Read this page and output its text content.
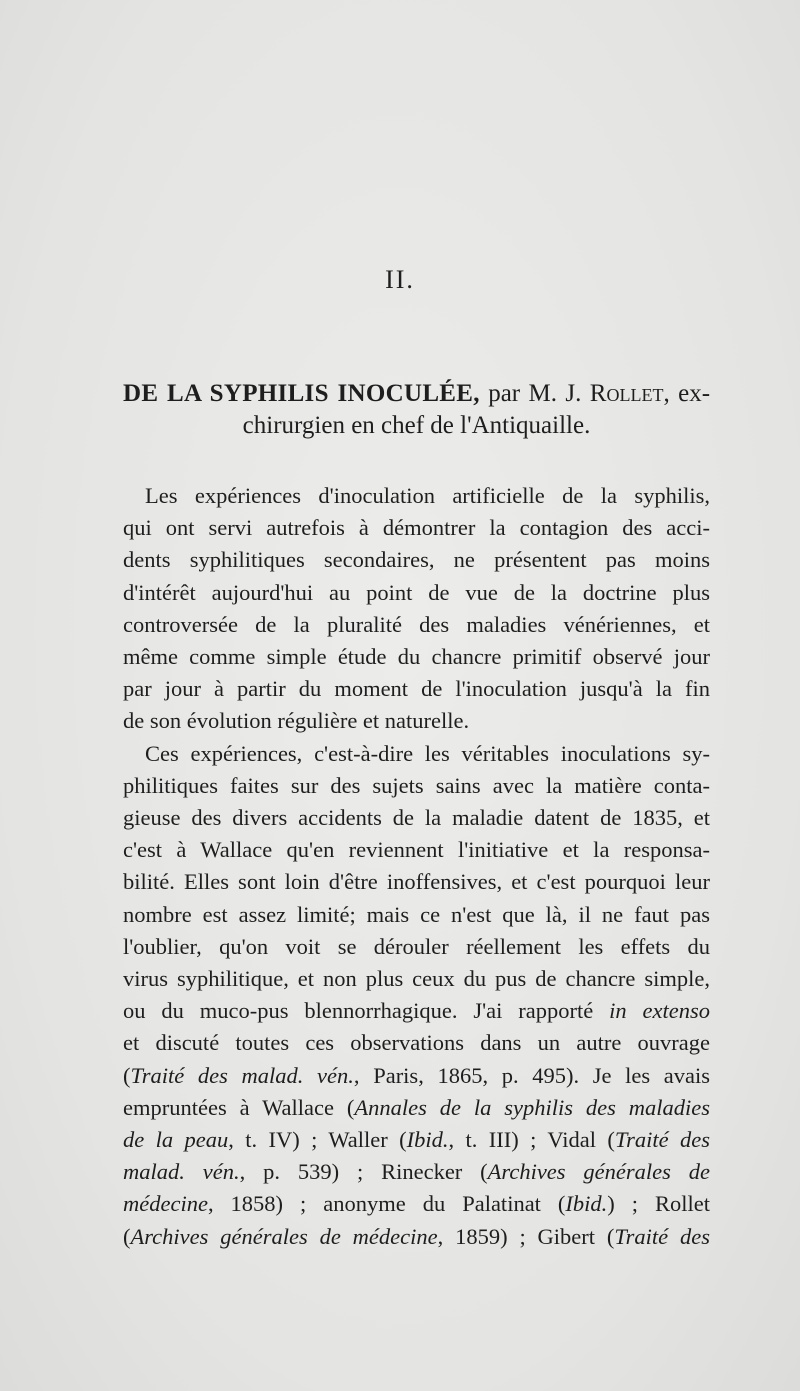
II.
DE LA SYPHILIS INOCULÉE, par M. J. Rollet, ex-
chirurgien en chef de l'Antiquaille.

Les expériences d'inoculation artificielle de la syphilis,
qui ont servi autrefois à démontrer la contagion des acci-
dents syphilitiques secondaires, ne présentent pas moins
d'intérêt aujourd'hui au point de vue de la doctrine plus
controversée de la pluralité des maladies vénériennes, et
même comme simple étude du chancre primitif observé jour
par jour à partir du moment de l'inoculation jusqu'à la fin
de son évolution régulière et naturelle.

Ces expériences, c'est-à-dire les véritables inoculations sy-
philitiques faites sur des sujets sains avec la matière conta-
gieuse des divers accidents de la maladie datent de 1835, et
c'est à Wallace qu'en reviennent l'initiative et la responsa-
bilité. Elles sont loin d'être inoffensives, et c'est pourquoi leur
nombre est assez limité; mais ce n'est que là, il ne faut pas
l'oublier, qu'on voit se dérouler réellement les effets du
virus syphilitique, et non plus ceux du pus de chancre simple,
ou du muco-pus blennorrhagique. J'ai rapporté in extenso
et discuté toutes ces observations dans un autre ouvrage
(Traité des malad. vén., Paris, 1865, p. 495). Je les avais
empruntées à Wallace (Annales de la syphilis des maladies
de la peau, t. IV) ; Waller (Ibid., t. III) ; Vidal (Traité des
malad. vén., p. 539) ; Rinecker (Archives générales de
médecine, 1858) ; anonyme du Palatinat (Ibid.) ; Rollet
(Archives générales de médecine, 1859) ; Gibert (Traité des
